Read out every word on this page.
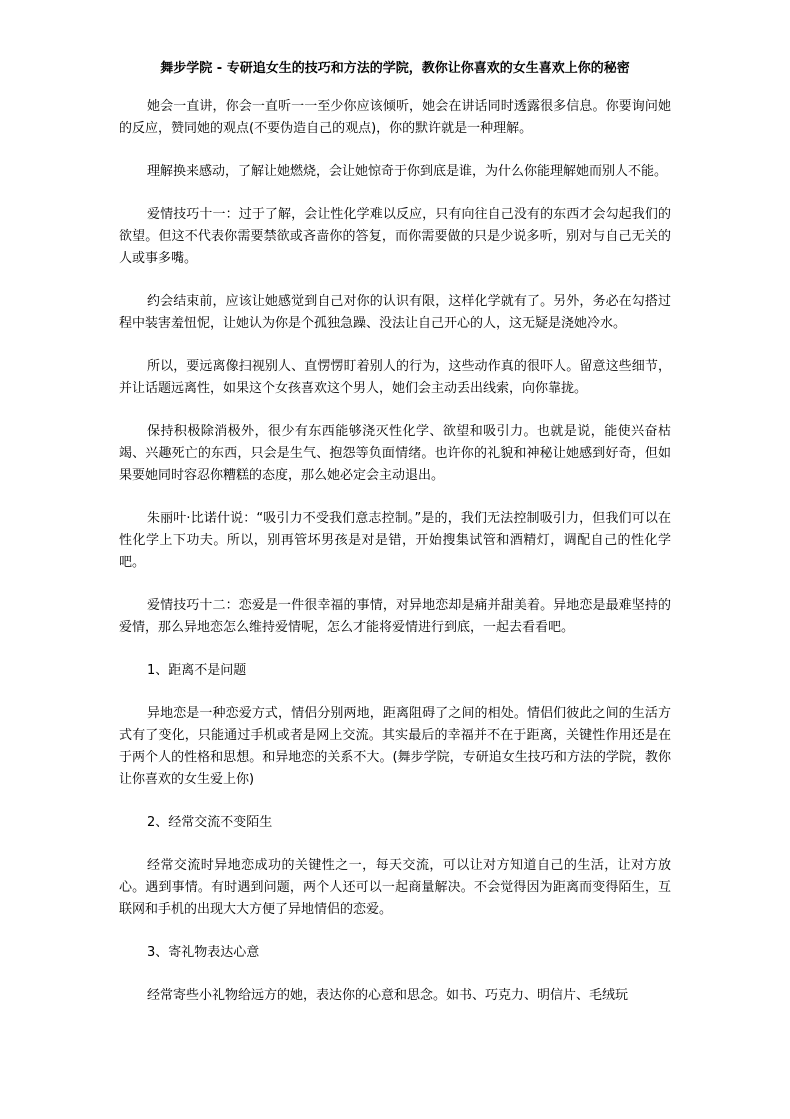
舞步学院 - 专研追女生的技巧和方法的学院，教你让你喜欢的女生喜欢上你的秘密

她会一直讲，你会一直听一一至少你应该倾听，她会在讲话同时透露很多信息。你要询问她的反应，赞同她的观点(不要伪造自己的观点)，你的默许就是一种理解。

理解换来感动，了解让她燃烧，会让她惊奇于你到底是谁，为什么你能理解她而别人不能。

爱情技巧十一：过于了解，会让性化学难以反应，只有向往自己没有的东西才会勾起我们的欲望。但这不代表你需要禁欲或吝啬你的答复，而你需要做的只是少说多听，别对与自己无关的人或事多嘴。

约会结束前，应该让她感觉到自己对你的认识有限，这样化学就有了。另外，务必在勾搭过程中装害羞忸怩，让她认为你是个孤独急躁、没法让自己开心的人，这无疑是浇她冷水。

所以，要远离像扫视别人、直愣愣盯着别人的行为，这些动作真的很吓人。留意这些细节，并让话题远离性，如果这个女孩喜欢这个男人，她们会主动丢出线索，向你靠拢。

保持积极除消极外，很少有东西能够浇灭性化学、欲望和吸引力。也就是说，能使兴奋枯竭、兴趣死亡的东西，只会是生气、抱怨等负面情绪。也许你的礼貌和神秘让她感到好奇，但如果要她同时容忍你糟糕的态度，那么她必定会主动退出。

朱丽叶·比诺什说：“吸引力不受我们意志控制。”是的，我们无法控制吸引力，但我们可以在性化学上下功夫。所以，别再管坏男孩是对是错，开始搜集试管和酒精灯，调配自己的性化学吧。

爱情技巧十二：恋爱是一件很幸福的事情，对异地恋却是痛并甜美着。异地恋是最难坚持的爱情，那么异地恋怎么维持爱情呢，怎么才能将爱情进行到底，一起去看看吧。

1、距离不是问题

异地恋是一种恋爱方式，情侣分别两地，距离阻碍了之间的相处。情侣们彼此之间的生活方式有了变化，只能通过手机或者是网上交流。其实最后的幸福并不在于距离，关键性作用还是在于两个人的性格和思想。和异地恋的关系不大。(舞步学院，专研追女生技巧和方法的学院，教你让你喜欢的女生爱上你)

2、经常交流不变陌生

经常交流时异地恋成功的关键性之一，每天交流，可以让对方知道自己的生活，让对方放心。遇到事情。有时遇到问题，两个人还可以一起商量解决。不会觉得因为距离而变得陌生，互联网和手机的出现大大方便了异地情侣的恋爱。

3、寄礼物表达心意

经常寄些小礼物给远方的她，表达你的心意和思念。如书、巧克力、明信片、毛绒玩
